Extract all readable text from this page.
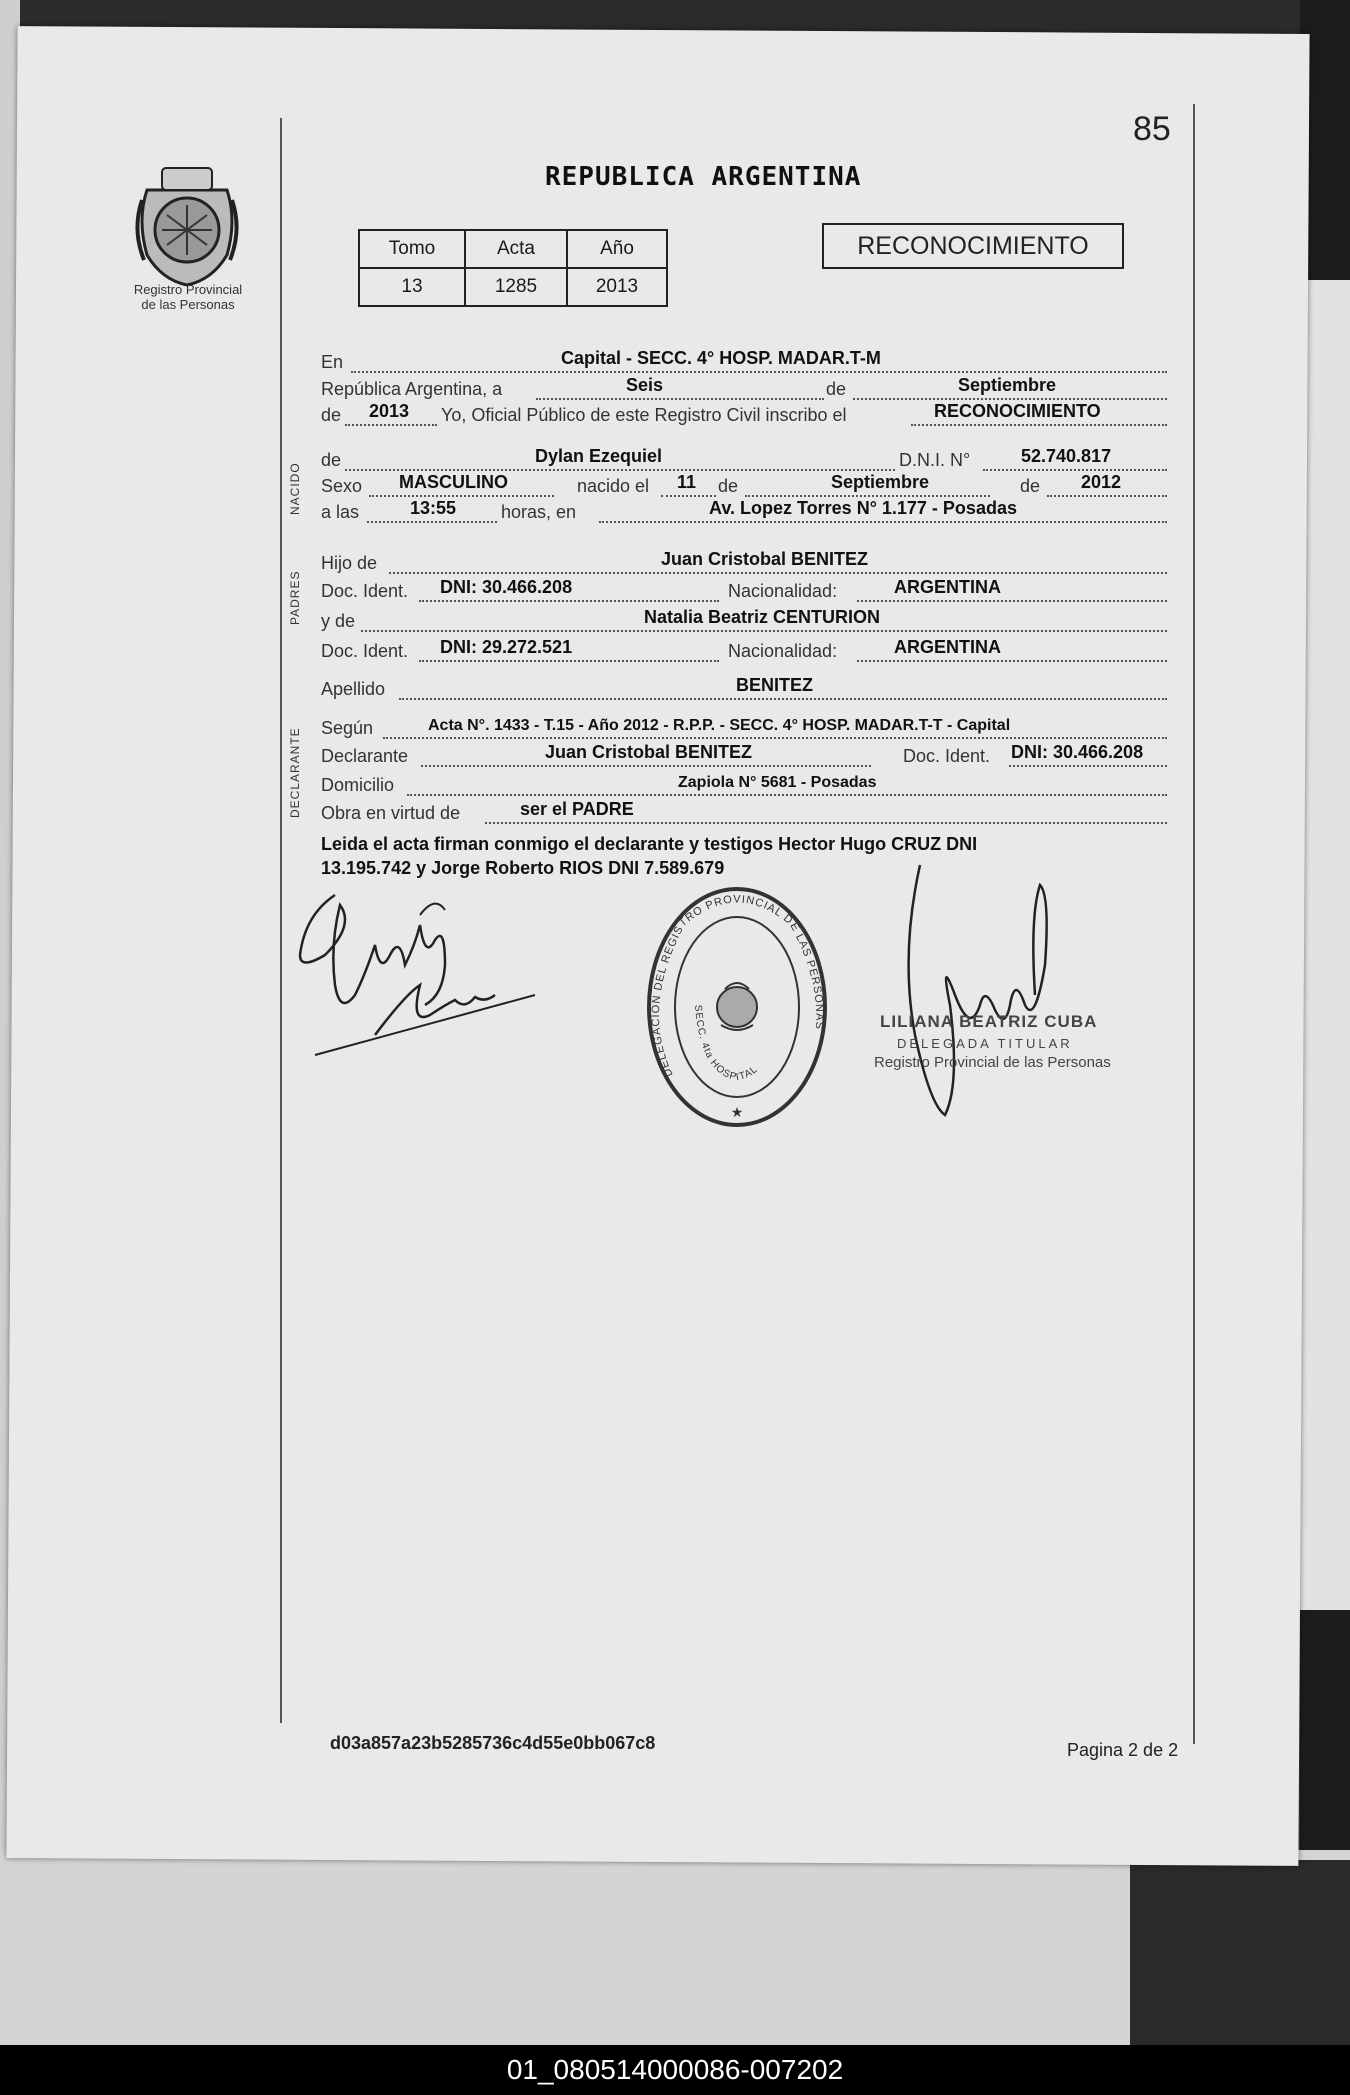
85
Registro Provincial
de las Personas
REPUBLICA ARGENTINA
Tomo	Acta	Año
13	1285	2013
RECONOCIMIENTO
NACIDO
PADRES
DECLARANTE
En	Capital - SECC. 4° HOSP. MADAR.T-M
República Argentina, a	Seis	de	Septiembre
de 2013 Yo, Oficial Público de este Registro Civil inscribo el	RECONOCIMIENTO
de	Dylan Ezequiel	D.N.I. N°	52.740.817
Sexo MASCULINO	nacido el 11 de	Septiembre	de 2012
a las	13:55 horas, en	Av. Lopez Torres N° 1.177 - Posadas
Hijo de	Juan Cristobal BENITEZ
Doc. Ident. DNI: 30.466.208	Nacionalidad:	ARGENTINA
y de	Natalia Beatriz CENTURION
Doc. Ident. DNI: 29.272.521	Nacionalidad:	ARGENTINA
Apellido	BENITEZ
Según	Acta N°. 1433 - T.15 - Año 2012 - R.P.P. - SECC. 4° HOSP. MADAR.T-T - Capital
Declarante	Juan Cristobal BENITEZ	Doc. Ident. DNI: 30.466.208
Domicilio	Zapiola N° 5681 - Posadas
Obra en virtud de	ser el PADRE
Leida el acta firman conmigo el declarante y testigos Hector Hugo CRUZ DNI
13.195.742 y Jorge Roberto RIOS DNI 7.589.679
★
DELEGACION DEL REGISTRO PROVINCIAL DE LAS PERSONAS
SECC. 4ta HOSPITAL
LILIANA BEATRIZ CUBA
DELEGADA TITULAR
Registro Provincial de las Personas
d03a857a23b5285736c4d55e0bb067c8	Pagina 2 de 2
01_080514000086-007202
